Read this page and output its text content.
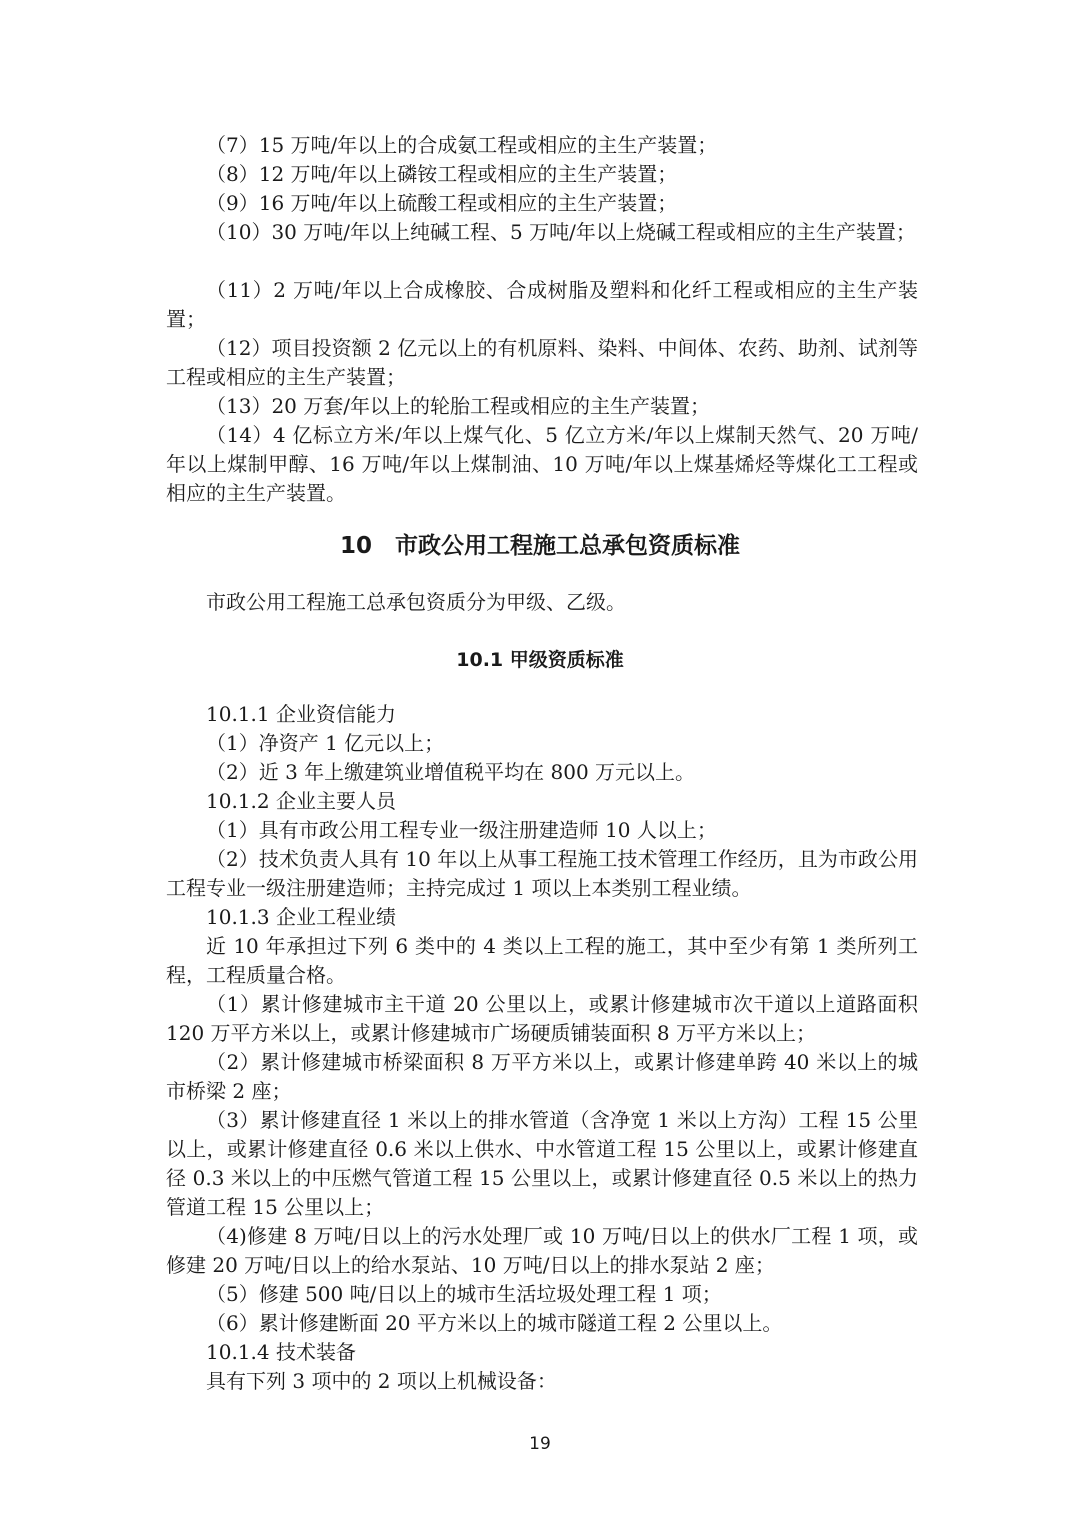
（7）15 万吨/年以上的合成氨工程或相应的主生产装置；

（8）12 万吨/年以上磷铵工程或相应的主生产装置；

（9）16 万吨/年以上硫酸工程或相应的主生产装置；

（10）30 万吨/年以上纯碱工程、5 万吨/年以上烧碱工程或相应的主生产装置；

（11）2 万吨/年以上合成橡胶、合成树脂及塑料和化纤工程或相应的主生产装置；

（12）项目投资额 2 亿元以上的有机原料、染料、中间体、农药、助剂、试剂等工程或相应的主生产装置；

（13）20 万套/年以上的轮胎工程或相应的主生产装置；

（14）4 亿标立方米/年以上煤气化、5 亿立方米/年以上煤制天然气、20 万吨/年以上煤制甲醇、16 万吨/年以上煤制油、10 万吨/年以上煤基烯烃等煤化工工程或相应的主生产装置。

10　市政公用工程施工总承包资质标准

市政公用工程施工总承包资质分为甲级、乙级。

10.1 甲级资质标准

10.1.1 企业资信能力

（1）净资产 1 亿元以上；

（2）近 3 年上缴建筑业增值税平均在 800 万元以上。

10.1.2 企业主要人员

（1）具有市政公用工程专业一级注册建造师 10 人以上；

（2）技术负责人具有 10 年以上从事工程施工技术管理工作经历，且为市政公用工程专业一级注册建造师；主持完成过 1 项以上本类别工程业绩。

10.1.3 企业工程业绩

近 10 年承担过下列 6 类中的 4 类以上工程的施工，其中至少有第 1 类所列工程，工程质量合格。

（1）累计修建城市主干道 20 公里以上，或累计修建城市次干道以上道路面积 120 万平方米以上，或累计修建城市广场硬质铺装面积 8 万平方米以上；

（2）累计修建城市桥梁面积 8 万平方米以上，或累计修建单跨 40 米以上的城市桥梁 2 座；

（3）累计修建直径 1 米以上的排水管道（含净宽 1 米以上方沟）工程 15 公里以上，或累计修建直径 0.6 米以上供水、中水管道工程 15 公里以上，或累计修建直径 0.3 米以上的中压燃气管道工程 15 公里以上，或累计修建直径 0.5 米以上的热力管道工程 15 公里以上；

（4)修建 8 万吨/日以上的污水处理厂或 10 万吨/日以上的供水厂工程 1 项，或修建 20 万吨/日以上的给水泵站、10 万吨/日以上的排水泵站 2 座；

（5）修建 500 吨/日以上的城市生活垃圾处理工程 1 项；

（6）累计修建断面 20 平方米以上的城市隧道工程 2 公里以上。

10.1.4 技术装备

具有下列 3 项中的 2 项以上机械设备：

19
